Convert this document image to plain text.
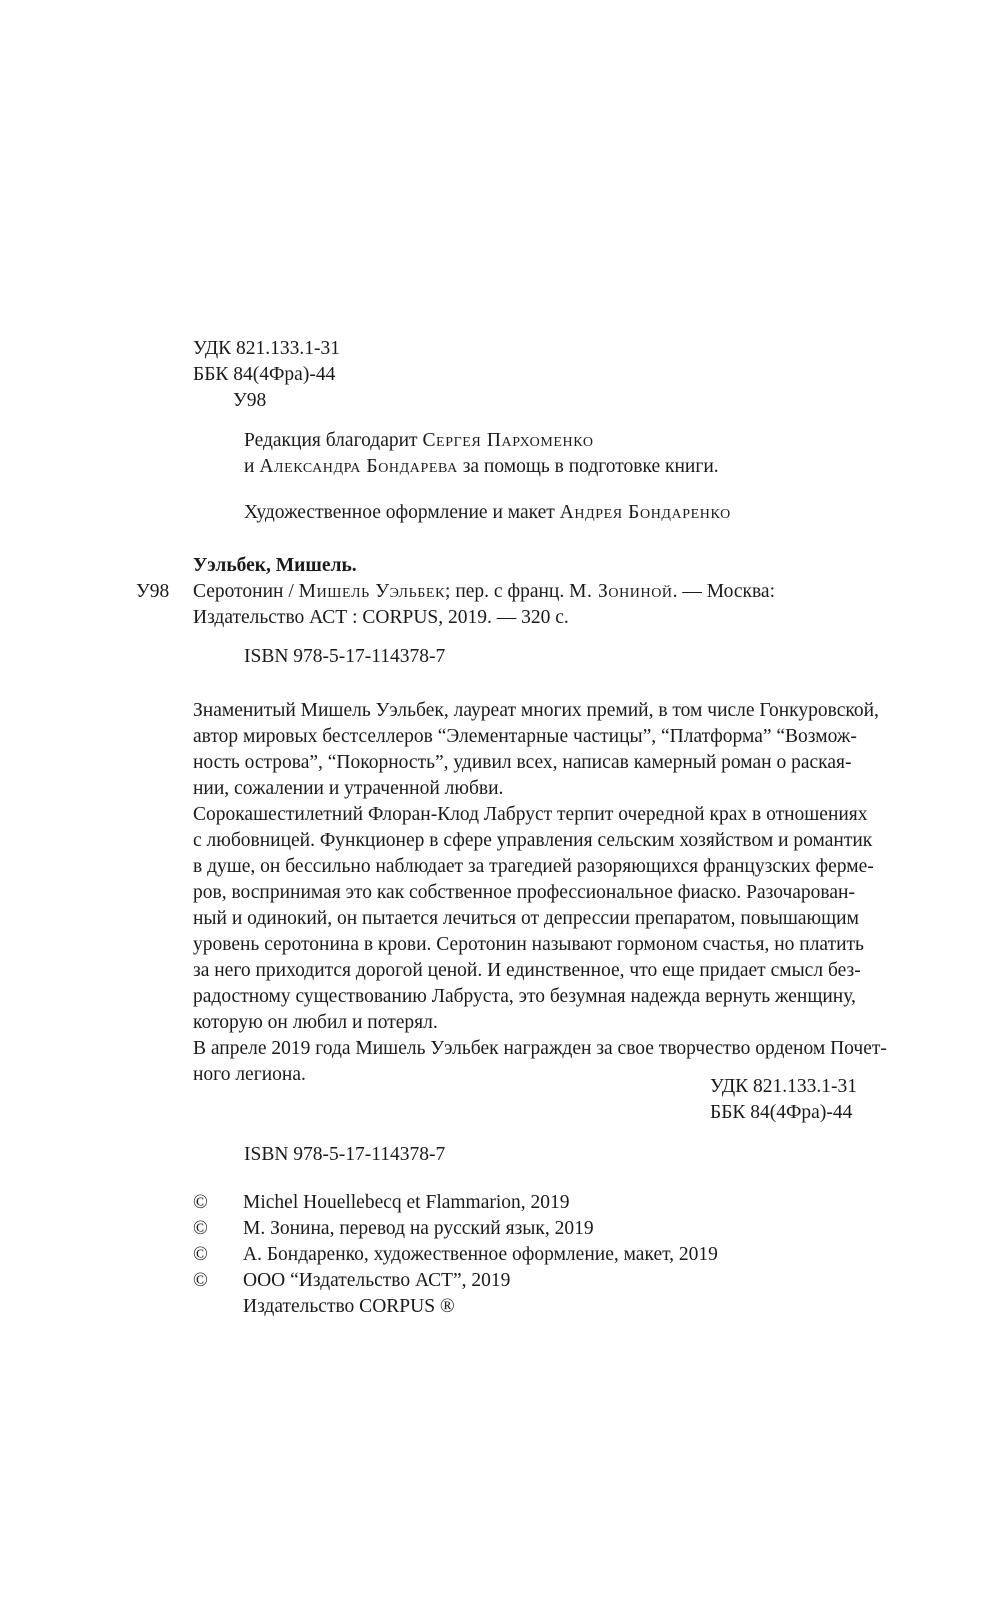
УДК 821.133.1-31
ББК 84(4Фра)-44
У98
Редакция благодарит Сергея Пархоменко
и Александра Бондарева за помощь в подготовке книги.
Художественное оформление и макет Андрея Бондаренко
Уэльбек, Мишель.
У98 Серотонин / Мишель Уэльбек; пер. с франц. М. Зониной. — Москва:
Издательство АСТ : CORPUS, 2019. — 320 с.
ISBN 978-5-17-114378-7
Знаменитый Мишель Уэльбек, лауреат многих премий, в том числе Гонкуровской,
автор мировых бестселлеров “Элементарные частицы”, “Платформа” “Возмож-
ность острова”, “Покорность”, удивил всех, написав камерный роман о раская-
нии, сожалении и утраченной любви.
Сорокашестилетний Флоран-Клод Лабруст терпит очередной крах в отношениях
с любовницей. Функционер в сфере управления сельским хозяйством и романтик
в душе, он бессильно наблюдает за трагедией разоряющихся французских ферме-
ров, воспринимая это как собственное профессиональное фиаско. Разочарован-
ный и одинокий, он пытается лечиться от депрессии препаратом, повышающим
уровень серотонина в крови. Серотонин называют гормоном счастья, но платить
за него приходится дорогой ценой. И единственное, что еще придает смысл без-
радостному существованию Лабруста, это безумная надежда вернуть женщину,
которую он любил и потерял.
В апреле 2019 года Мишель Уэльбек награжден за свое творчество орденом Почет-
ного легиона.
УДК 821.133.1-31
ББК 84(4Фра)-44
ISBN 978-5-17-114378-7
© Michel Houellebecq et Flammarion, 2019
© М. Зонина, перевод на русский язык, 2019
© А. Бондаренко, художественное оформление, макет, 2019
© ООО “Издательство АСТ”, 2019
Издательство CORPUS ®
